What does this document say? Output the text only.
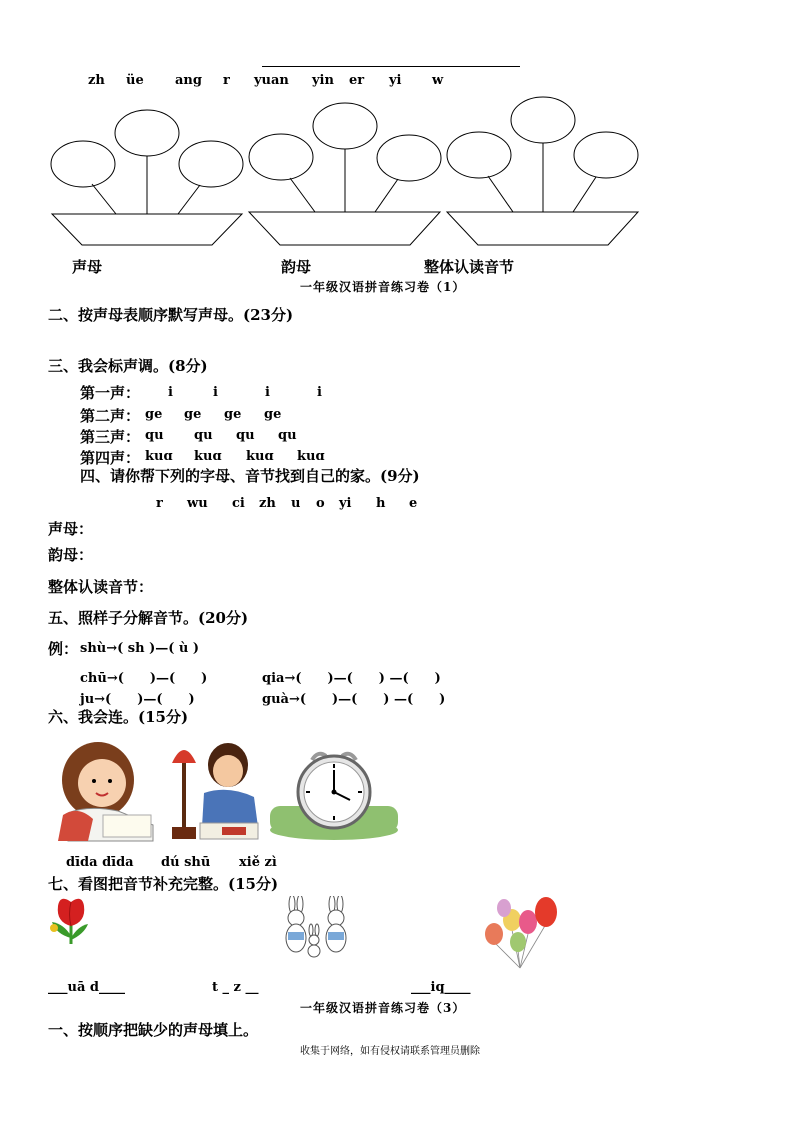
zh üe ang r yuan yin er yi w
声母	韵母	整体认读音节
一年级汉语拼音练习卷（1）
二、按声母表顺序默写声母。(23分)
三、我会标声调。(8分)
第一声： i	i	i	i
第二声： ge ge ge ge
第三声： qu qu qu qu
第四声： kuɑ kuɑ kuɑ kuɑ
四、请你帮下列的字母、音节找到自己的家。(9分)
r wu ci zh u o yi h e
声母：
韵母：
整体认读音节：
五、照样子分解音节。(20分)
例： shù→( sh )—( ù )
chū→(　　)—(　　)	qia→(　　)—(　　) —(　　)
ju→(　　)—(　　)	guà→(　　)—(　　) —(　　)
六、我会连。(15分)
dīda dīda dú shū xiě zì
七、看图把音节补充完整。(15分)
___uā d____	t _ z __	___iq____
一年级汉语拼音练习卷（3）
一、按顺序把缺少的声母填上。
收集于网络，如有侵权请联系管理员删除
